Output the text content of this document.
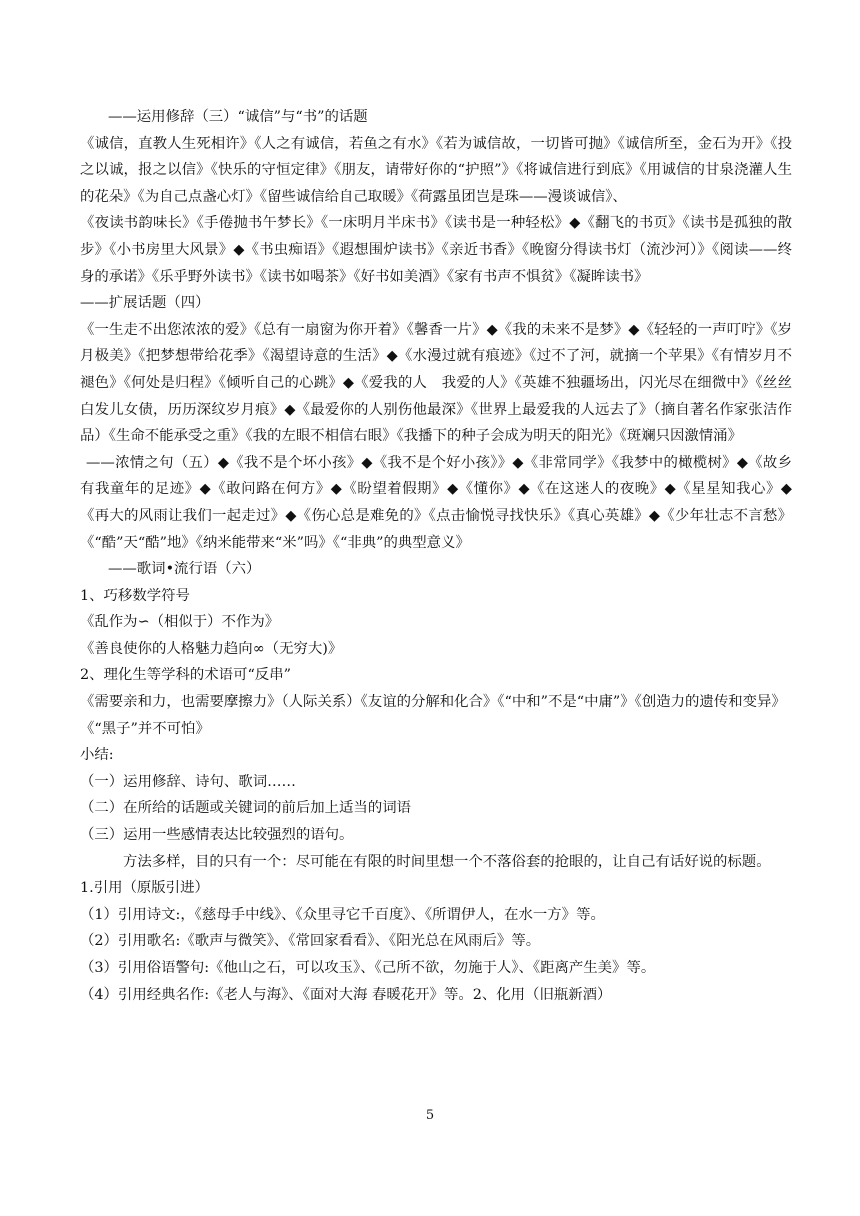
——运用修辞（三）“诚信”与“书”的话题

《诚信，直教人生死相许》《人之有诚信，若鱼之有水》《若为诚信故，一切皆可抛》《诚信所至，金石为开》《投之以诚，报之以信》《快乐的守恒定律》《朋友，请带好你的“护照”》《将诚信进行到底》《用诚信的甘泉浇灌人生的花朵》《为自己点盏心灯》《留些诚信给自己取暖》《荷露虽团岂是珠——漫谈诚信》、

《夜读书韵味长》《手倦抛书午梦长》《一床明月半床书》《读书是一种轻松》◆《翻飞的书页》《读书是孤独的散步》《小书房里大风景》◆《书虫痴语》《遐想围炉读书》《亲近书香》《晚窗分得读书灯（流沙河）》《阅读——终身的承诺》《乐乎野外读书》《读书如喝茶》《好书如美酒》《家有书声不惧贫》《凝眸读书》

——扩展话题（四）

《一生走不出您浓浓的爱》《总有一扇窗为你开着》《馨香一片》◆《我的未来不是梦》◆《轻轻的一声叮咛》《岁月极美》《把梦想带给花季》《渴望诗意的生活》◆《水漫过就有痕迹》《过不了河，就摘一个苹果》《有情岁月不褪色》《何处是归程》《倾听自己的心跳》◆《爱我的人　我爱的人》《英雄不独疆场出，闪光尽在细微中》《丝丝白发儿女债，历历深纹岁月痕》◆《最爱你的人别伤他最深》《世界上最爱我的人远去了》（摘自著名作家张洁作品）《生命不能承受之重》《我的左眼不相信右眼》《我播下的种子会成为明天的阳光》《斑斓只因激情涌》

——浓情之句（五）◆《我不是个坏小孩》◆《我不是个好小孩》》◆《非常同学》《我梦中的橄榄树》◆《故乡有我童年的足迹》◆《敢问路在何方》◆《盼望着假期》◆《懂你》◆《在这迷人的夜晚》◆《星星知我心》◆《再大的风雨让我们一起走过》◆《伤心总是难免的》《点击愉悦寻找快乐》《真心英雄》◆《少年壮志不言愁》《“酷”天“酷”地》《纳米能带来“米”吗》《“非典”的典型意义》

——歌词•流行语（六）

1、巧移数学符号

《乱作为∽（相似于）不作为》

《善良使你的人格魅力趋向∞（无穷大)》

2、理化生等学科的术语可“反串”

《需要亲和力，也需要摩擦力》（人际关系）《友谊的分解和化合》《“中和”不是“中庸”》《创造力的遗传和变异》

《“黑子”并不可怕》

小结:

（一）运用修辞、诗句、歌词……

（二）在所给的话题或关键词的前后加上适当的词语

（三）运用一些感情表达比较强烈的语句。

方法多样，目的只有一个：尽可能在有限的时间里想一个不落俗套的抢眼的，让自己有话好说的标题。

1.引用（原版引进）

（1）引用诗文:，《慈母手中线》、《众里寻它千百度》、《所谓伊人，在水一方》等。

（2）引用歌名:《歌声与微笑》、《常回家看看》、《阳光总在风雨后》等。

（3）引用俗语警句:《他山之石，可以攻玉》、《己所不欲，勿施于人》、《距离产生美》等。

（4）引用经典名作:《老人与海》、《面对大海 春暖花开》等。2、化用（旧瓶新酒）

5
